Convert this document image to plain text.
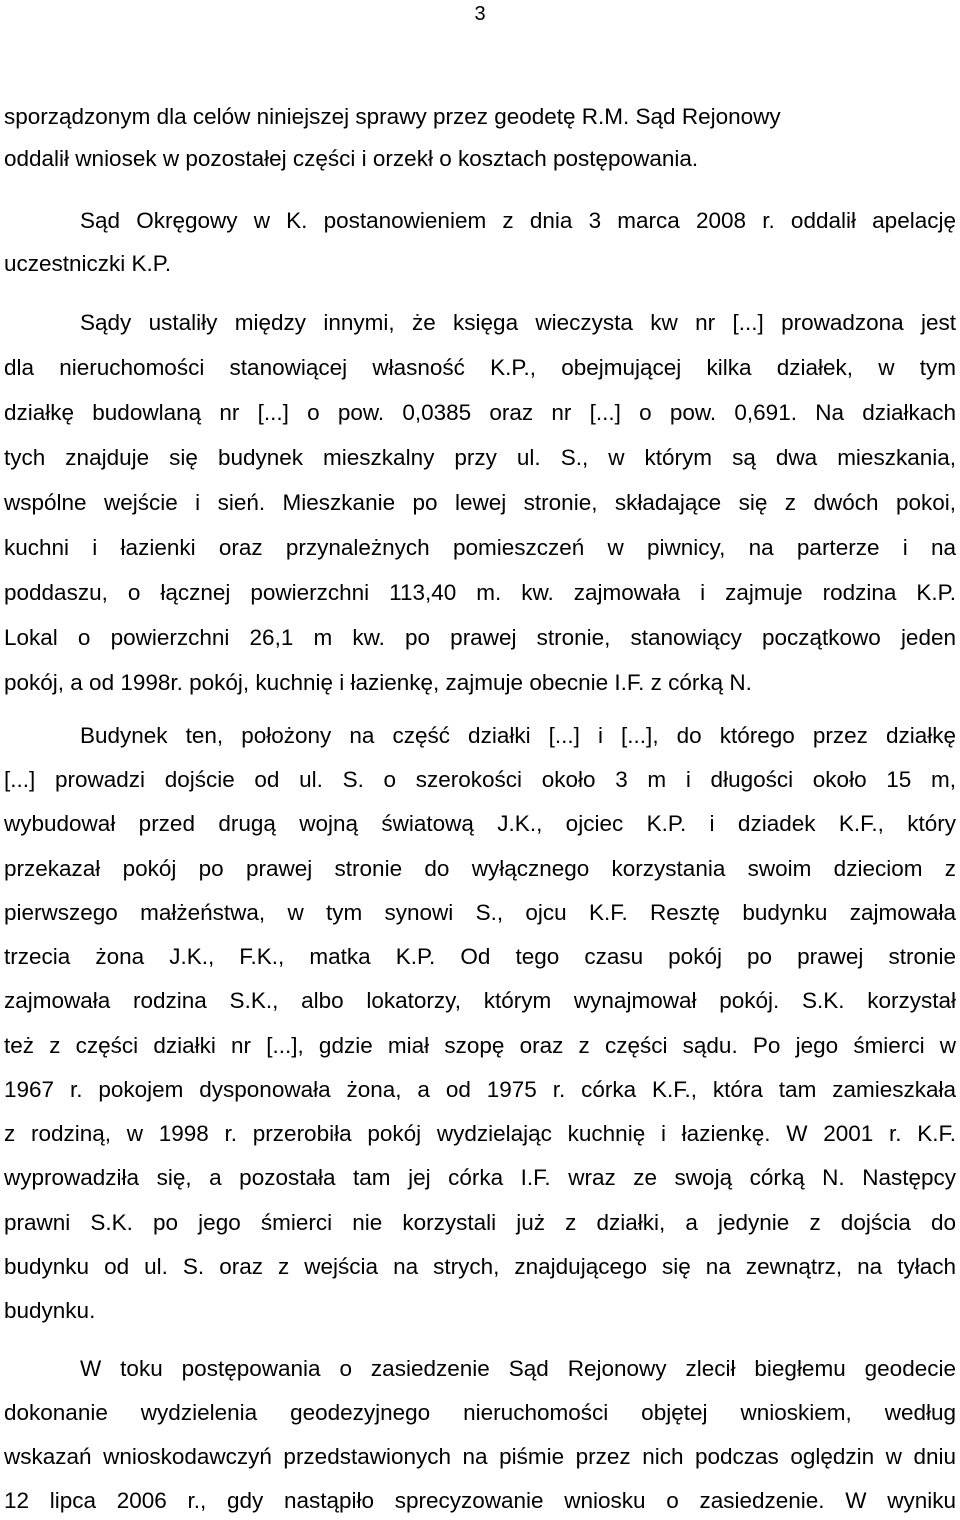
3
sporządzonym dla celów niniejszej sprawy przez geodetę R.M. Sąd Rejonowy
oddalił wniosek w pozostałej części i orzekł o kosztach postępowania.
Sąd Okręgowy w K. postanowieniem z dnia 3 marca 2008 r. oddalił apelację
uczestniczki K.P.
Sądy ustaliły między innymi, że księga wieczysta kw nr [...] prowadzona jest
dla nieruchomości stanowiącej własność K.P., obejmującej kilka działek, w tym
działkę budowlaną nr [...] o pow. 0,0385 oraz nr [...] o pow. 0,691. Na działkach
tych znajduje się budynek mieszkalny przy ul. S., w którym są dwa mieszkania,
wspólne wejście i sień. Mieszkanie po lewej stronie, składające się z dwóch pokoi,
kuchni i łazienki oraz przynależnych pomieszczeń w piwnicy, na parterze i na
poddaszu, o łącznej powierzchni 113,40 m. kw. zajmowała i zajmuje rodzina K.P.
Lokal o powierzchni 26,1 m kw. po prawej stronie, stanowiący początkowo jeden
pokój, a od 1998r. pokój, kuchnię i łazienkę, zajmuje obecnie I.F. z córką N.
Budynek ten, położony na część działki [...] i [...], do którego przez działkę
[...] prowadzi dojście od ul. S. o szerokości około 3 m i długości około 15 m,
wybudował przed drugą wojną światową J.K., ojciec K.P. i dziadek K.F., który
przekazał pokój po prawej stronie do wyłącznego korzystania swoim dzieciom z
pierwszego małżeństwa, w tym synowi S., ojcu K.F. Resztę budynku zajmowała
trzecia żona J.K., F.K., matka K.P. Od tego czasu pokój po prawej stronie
zajmowała rodzina S.K., albo lokatorzy, którym wynajmował pokój. S.K. korzystał
też z części działki nr [...], gdzie miał szopę oraz z części sądu. Po jego śmierci w
1967 r. pokojem dysponowała żona, a od 1975 r. córka K.F., która tam zamieszkała
z rodziną, w 1998 r. przerobiła pokój wydzielając kuchnię i łazienkę. W 2001 r. K.F.
wyprowadziła się, a pozostała tam jej córka I.F. wraz ze swoją córką N. Następcy
prawni S.K. po jego śmierci nie korzystali już z działki, a jedynie z dojścia do
budynku od ul. S. oraz z wejścia na strych, znajdującego się na zewnątrz, na tyłach
budynku.
W toku postępowania o zasiedzenie Sąd Rejonowy zlecił biegłemu geodecie
dokonanie wydzielenia geodezyjnego nieruchomości objętej wnioskiem, według
wskazań wnioskodawczyń przedstawionych na piśmie przez nich podczas oględzin w dniu
12 lipca 2006 r., gdy nastąpiło sprecyzowanie wniosku o zasiedzenie. W wyniku
